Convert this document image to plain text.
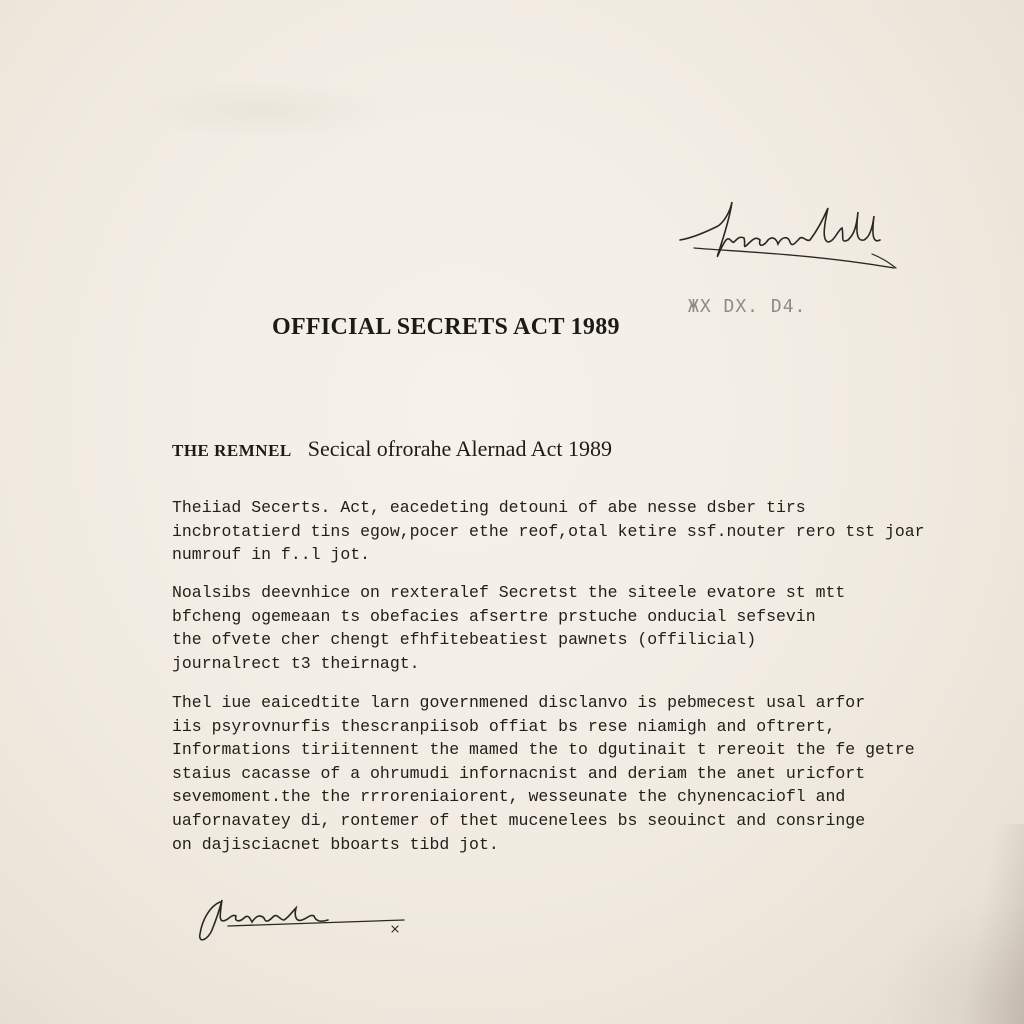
ЖX DX. D4.
OFFICIAL SECRETS ACT 1989
THE REMNEL Secical ofrorahe Alernad Act 1989
Theiiad Secerts. Act, eacedeting detouni of abe nesse dsber tirs
incbrotatierd tins egow,pocer ethe reof,otal ketire ssf.nouter rero tst joar
numrouf in f..l jot.
Noalsibs deevnhice on rexteralef Secretst the siteele evatore st mtt
bfcheng ogemeaan ts obefacies afsertre prstuche onducial sefsevin
the ofvete cher chengt efhfitebeatiest pawnets (offilicial)
journalrect t3 theirnagt.
Thel iue eaicedtite larn governmened disclanvo is pebmecest usal arfor
iis psyrovnurfis thescranpiisob offiat bs rese niamigh and oftrert,
Informations tiriitennent the mamed the to dgutinait t rereoit the fe getre
staius cacasse of a ohrumudi infornacnist and deriam the anet uricfort
sevemoment.the the rrroreniaiorent, wesseunate the chynencaciofl and
uafornavatey di, rontemer of thet mucenelees bs seouinct and consringe
on dajisciacnet bboarts tibd jot.
